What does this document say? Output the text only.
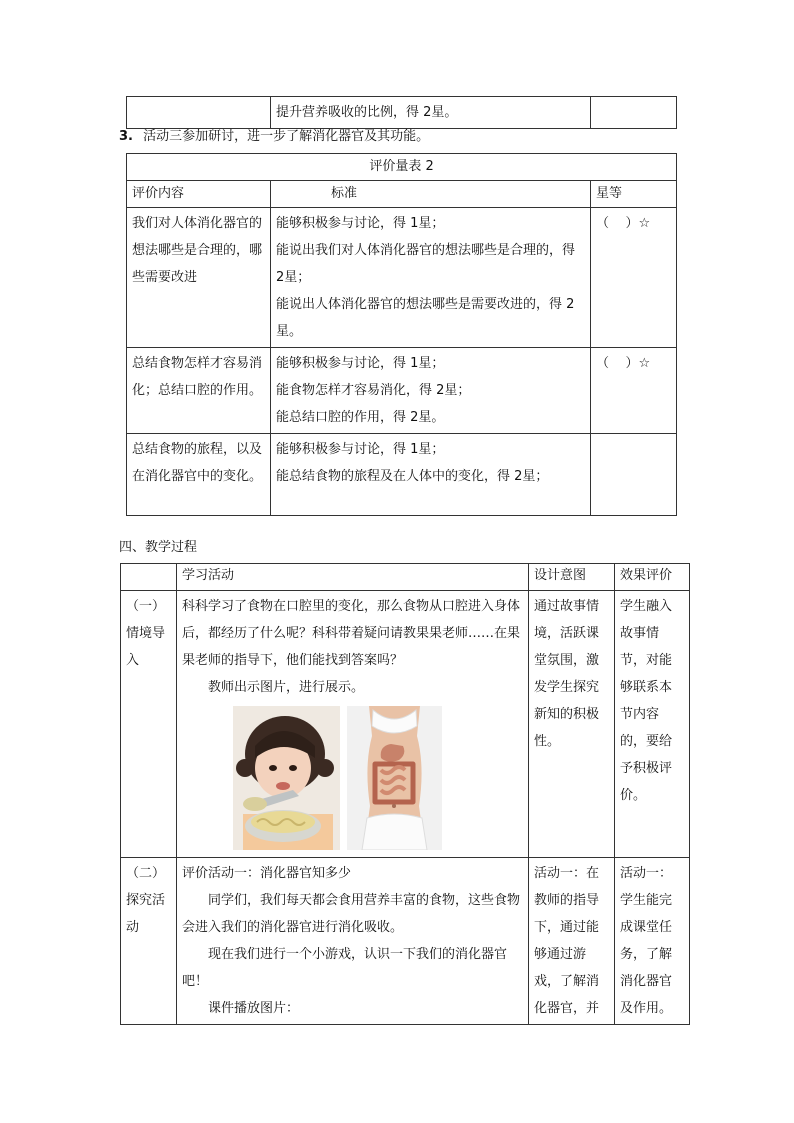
	提升营养吸收的比例，得 2星。	
3. 活动三参加研讨，进一步了解消化器官及其功能。
评价量表 2		
评价内容	标准	星等
我们对人体消化器官的想法哪些是合理的，哪些需要改进	能够积极参与讨论，得 1星；
能说出我们对人体消化器官的想法哪些是合理的，得 2星；
能说出人体消化器官的想法哪些是需要改进的，得 2星。	（    ）☆
总结食物怎样才容易消化；总结口腔的作用。	能够积极参与讨论，得 1星；
能食物怎样才容易消化，得 2星；
能总结口腔的作用，得 2星。	（    ）☆
总结食物的旅程，以及在消化器官中的变化。	能够积极参与讨论，得 1星；
能总结食物的旅程及在人体中的变化，得 2星；	
四、教学过程
	学习活动	设计意图	效果评价
（一）情境导入	科科学习了食物在口腔里的变化，那么食物从口腔进入身体后，都经历了什么呢？科科带着疑问请教果果老师……在果果老师的指导下，他们能找到答案吗？
教师出示图片，进行展示。	通过故事情境，活跃课堂氛围，激发学生探究新知的积极性。	学生融入故事情节，对能够联系本节内容的，要给予积极评价。
（二）探究活动	评价活动一：消化器官知多少
同学们，我们每天都会食用营养丰富的食物，这些食物会进入我们的消化器官进行消化吸收。
现在我们进行一个小游戏，认识一下我们的消化器官吧！
课件播放图片：	活动一：在教师的指导下，通过能够通过游戏，了解消化器官，并	活动一：学生能完成课堂任务，了解消化器官及作用。
